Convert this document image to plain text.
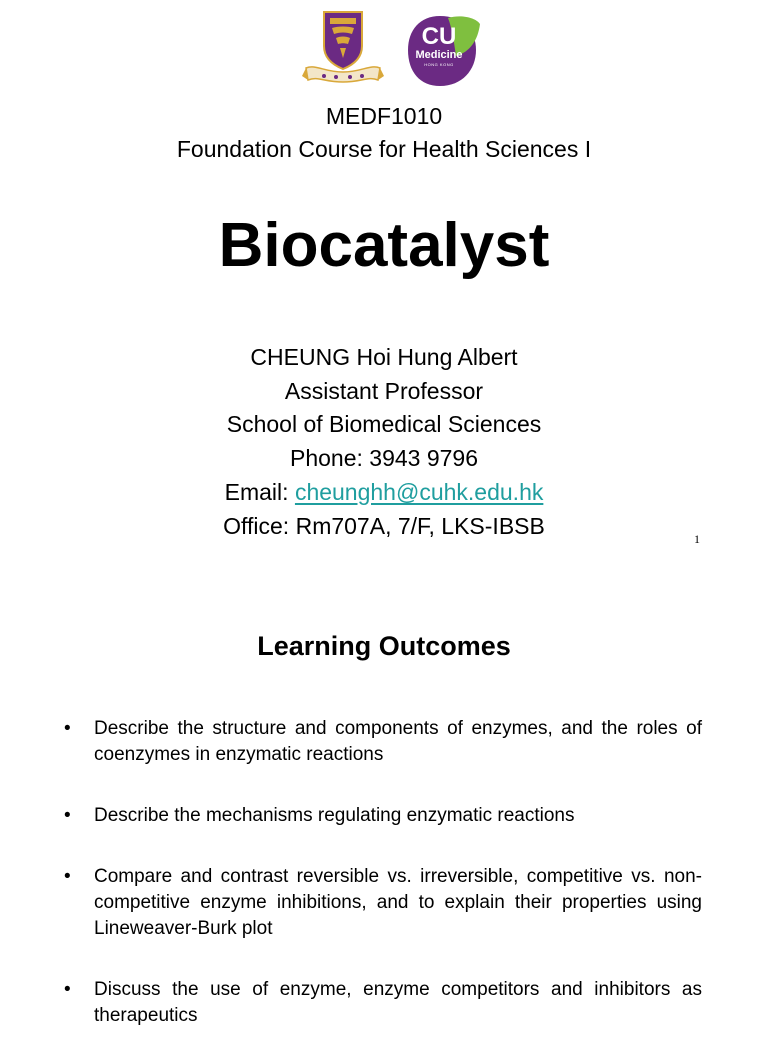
CU
Medicine
HONG KONG
MEDF1010
Foundation Course for Health Sciences I
Biocatalyst
CHEUNG Hoi Hung Albert
Assistant Professor
School of Biomedical Sciences
Phone: 3943 9796
Email: cheunghh@cuhk.edu.hk
Office: Rm707A, 7/F, LKS-IBSB	1
Learning Outcomes
• Describe the structure and components of enzymes, and the roles of coenzymes in enzymatic reactions
• Describe the mechanisms regulating enzymatic reactions
• Compare and contrast reversible vs. irreversible, competitive vs. non-competitive enzyme inhibitions, and to explain their properties using Lineweaver-Burk plot
• Discuss the use of enzyme, enzyme competitors and inhibitors as therapeutics
